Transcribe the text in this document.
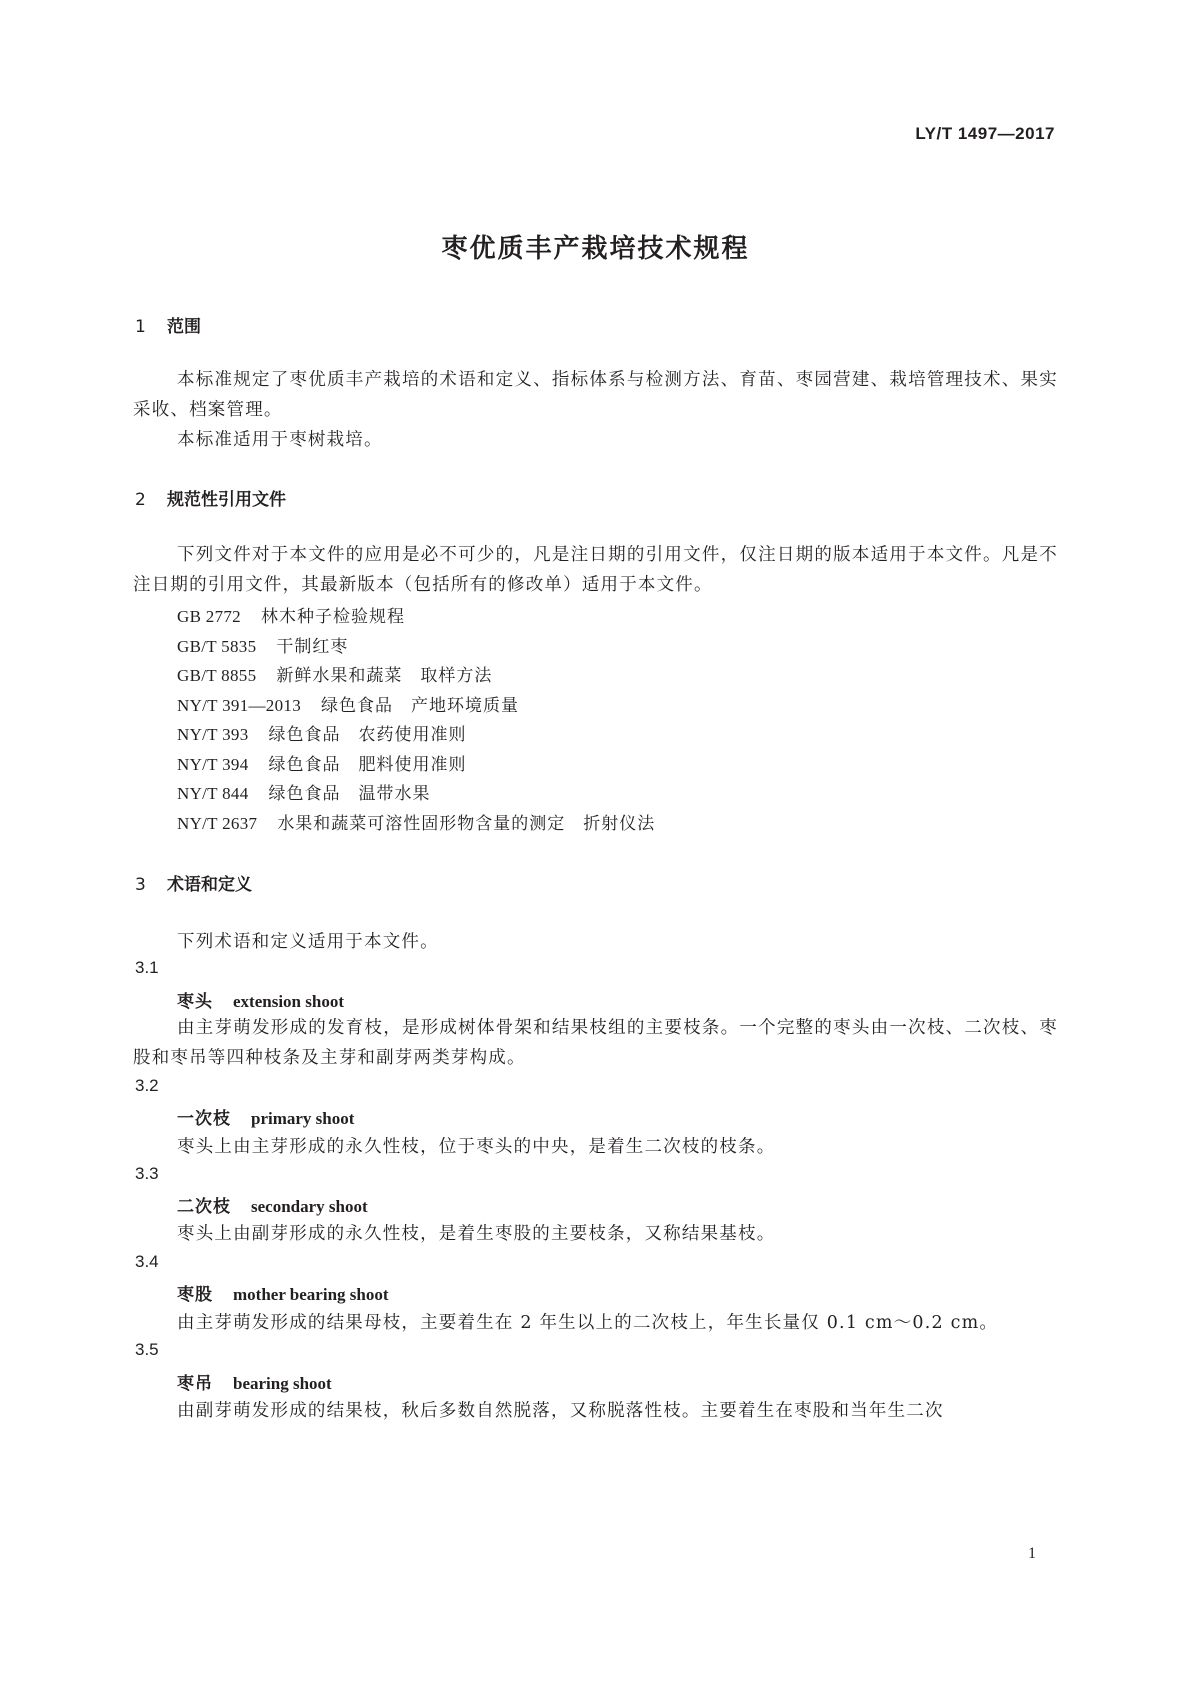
LY/T 1497—2017
枣优质丰产栽培技术规程
1 范围
本标准规定了枣优质丰产栽培的术语和定义、指标体系与检测方法、育苗、枣园营建、栽培管理技术、果实采收、档案管理。
本标准适用于枣树栽培。
2 规范性引用文件
下列文件对于本文件的应用是必不可少的，凡是注日期的引用文件，仅注日期的版本适用于本文件。凡是不注日期的引用文件，其最新版本（包括所有的修改单）适用于本文件。
GB 2772 林木种子检验规程
GB/T 5835 干制红枣
GB/T 8855 新鲜水果和蔬菜　取样方法
NY/T 391—2013 绿色食品　产地环境质量
NY/T 393 绿色食品　农药使用准则
NY/T 394 绿色食品　肥料使用准则
NY/T 844 绿色食品　温带水果
NY/T 2637 水果和蔬菜可溶性固形物含量的测定　折射仪法
3 术语和定义
下列术语和定义适用于本文件。
3.1
枣头 extension shoot
由主芽萌发形成的发育枝，是形成树体骨架和结果枝组的主要枝条。一个完整的枣头由一次枝、二次枝、枣股和枣吊等四种枝条及主芽和副芽两类芽构成。
3.2
一次枝 primary shoot
枣头上由主芽形成的永久性枝，位于枣头的中央，是着生二次枝的枝条。
3.3
二次枝 secondary shoot
枣头上由副芽形成的永久性枝，是着生枣股的主要枝条，又称结果基枝。
3.4
枣股 mother bearing shoot
由主芽萌发形成的结果母枝，主要着生在 2 年生以上的二次枝上，年生长量仅 0.1 cm～0.2 cm。
3.5
枣吊 bearing shoot
由副芽萌发形成的结果枝，秋后多数自然脱落，又称脱落性枝。主要着生在枣股和当年生二次
1
